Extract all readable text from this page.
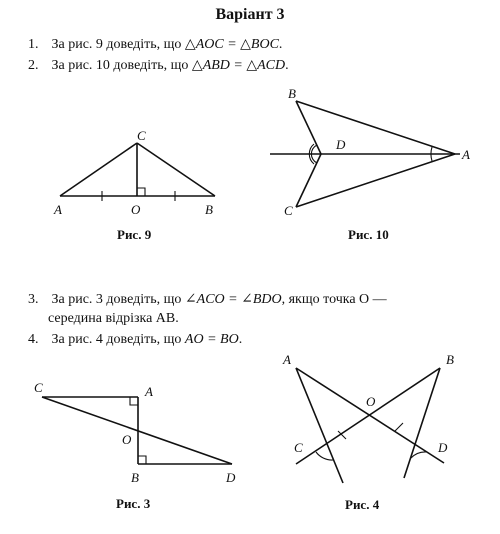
Варіант 3
1. За рис. 9 доведіть, що △AOC = △BOC.
2. За рис. 10 доведіть, що △ABD = △ACD.
3. За рис. 3 доведіть, що ∠ACO = ∠BDO, якщо точка O —
середина відрізка AB.
4. За рис. 4 доведіть, що AO = BO.
C
A	O	B
B
D
A
C
C	A
O
B	D
A	B
O
C	D
Рис. 9	Рис. 10
Рис. 3	Рис. 4
